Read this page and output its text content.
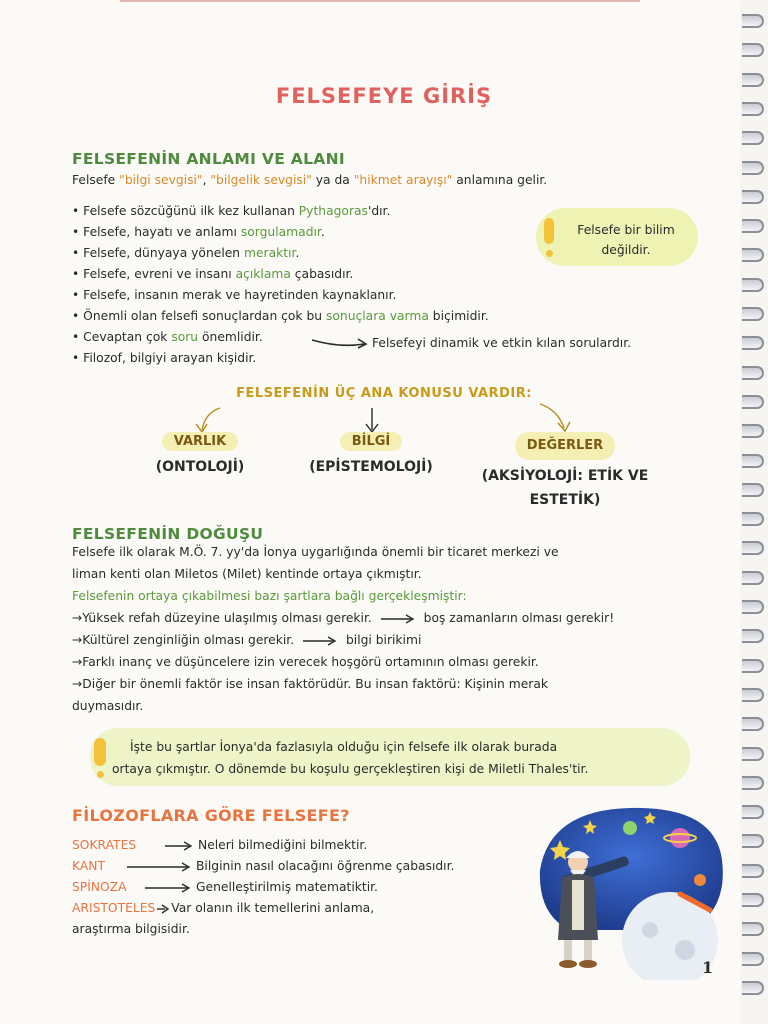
FELSEFEYE GİRİŞ
FELSEFENİN ANLAMI VE ALANI
Felsefe "bilgi sevgisi", "bilgelik sevgisi" ya da "hikmet arayışı" anlamına gelir.
• Felsefe sözcüğünü ilk kez kullanan Pythagoras'dır.
• Felsefe, hayatı ve anlamı sorgulamadır.
• Felsefe, dünyaya yönelen meraktır.
• Felsefe, evreni ve insanı açıklama çabasıdır.
• Felsefe, insanın merak ve hayretinden kaynaklanır.
• Önemli olan felsefi sonuçlardan çok bu sonuçlara varma biçimidir.
• Cevaptan çok soru önemlidir.
• Filozof, bilgiyi arayan kişidir.
Felsefe bir bilim değildir.
Felsefeyi dinamik ve etkin kılan sorulardır.
FELSEFENİN ÜÇ ANA KONUSU VARDIR:
VARLIK
(ONTOLOJİ)
BİLGİ
(EPİSTEMOLOJİ)
DEĞERLER
(AKSİYOLOJİ: ETİK VE ESTETİK)
FELSEFENİN DOĞUŞU
Felsefe ilk olarak M.Ö. 7. yy'da İonya uygarlığında önemli bir ticaret merkezi ve
liman kenti olan Miletos (Milet) kentinde ortaya çıkmıştır.
Felsefenin ortaya çıkabilmesi bazı şartlara bağlı gerçekleşmiştir:
→Yüksek refah düzeyine ulaşılmış olması gerekir.	boş zamanların olması gerekir!
→Kültürel zenginliğin olması gerekir.	bilgi birikimi
→Farklı inanç ve düşüncelere izin verecek hoşgörü ortamının olması gerekir.
→Diğer bir önemli faktör ise insan faktörüdür. Bu insan faktörü: Kişinin merak
duymasıdır.
İşte bu şartlar İonya'da fazlasıyla olduğu için felsefe ilk olarak burada
ortaya çıkmıştır. O dönemde bu koşulu gerçekleştiren kişi de Miletli Thales'tir.
FİLOZOFLARA GÖRE FELSEFE?
SOKRATES	Neleri bilmediğini bilmektir.
KANT	Bilginin nasıl olacağını öğrenme çabasıdır.
SPİNOZA	Genelleştirilmiş matematiktir.
ARISTOTELES Var olanın ilk temellerini anlama,
araştırma bilgisidir.
1
